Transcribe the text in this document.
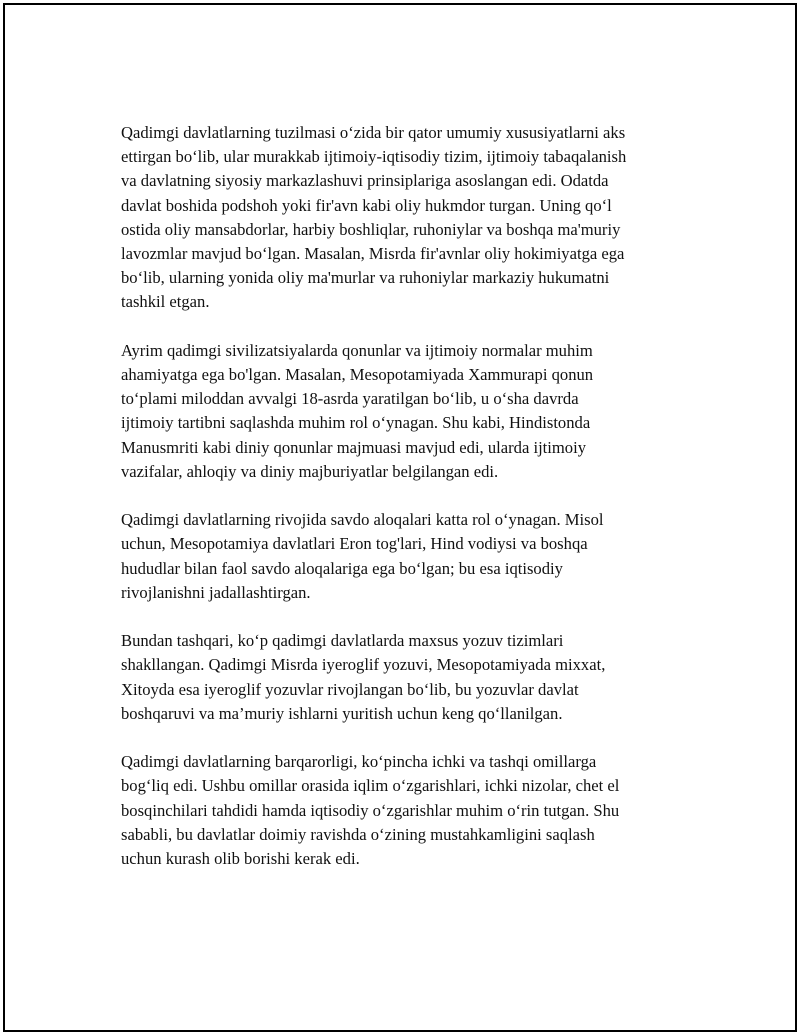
Qadimgi davlatlarning tuzilmasi o‘zida bir qator umumiy xususiyatlarni aks
ettirgan bo‘lib, ular murakkab ijtimoiy-iqtisodiy tizim, ijtimoiy tabaqalanish
va davlatning siyosiy markazlashuvi prinsiplariga asoslangan edi. Odatda
davlat boshida podshoh yoki fir'avn kabi oliy hukmdor turgan. Uning qo‘l
ostida oliy mansabdorlar, harbiy boshliqlar, ruhoniylar va boshqa ma'muriy
lavozmlar mavjud bo‘lgan. Masalan, Misrda fir'avnlar oliy hokimiyatga ega
bo‘lib, ularning yonida oliy ma'murlar va ruhoniylar markaziy hukumatni
tashkil etgan.

Ayrim qadimgi sivilizatsiyalarda qonunlar va ijtimoiy normalar muhim
ahamiyatga ega bo'lgan. Masalan, Mesopotamiyada Xammurapi qonun
to‘plami miloddan avvalgi 18-asrda yaratilgan bo‘lib, u o‘sha davrda
ijtimoiy tartibni saqlashda muhim rol o‘ynagan. Shu kabi, Hindistonda
Manusmriti kabi diniy qonunlar majmuasi mavjud edi, ularda ijtimoiy
vazifalar, ahloqiy va diniy majburiyatlar belgilangan edi.

Qadimgi davlatlarning rivojida savdo aloqalari katta rol o‘ynagan. Misol
uchun, Mesopotamiya davlatlari Eron tog'lari, Hind vodiysi va boshqa
hududlar bilan faol savdo aloqalariga ega bo‘lgan; bu esa iqtisodiy
rivojlanishni jadallashtirgan.

Bundan tashqari, ko‘p qadimgi davlatlarda maxsus yozuv tizimlari
shakllangan. Qadimgi Misrda iyeroglif yozuvi, Mesopotamiyada mixxat,
Xitoyda esa iyeroglif yozuvlar rivojlangan bo‘lib, bu yozuvlar davlat
boshqaruvi va ma’muriy ishlarni yuritish uchun keng qo‘llanilgan.

Qadimgi davlatlarning barqarorligi, ko‘pincha ichki va tashqi omillarga
bog‘liq edi. Ushbu omillar orasida iqlim o‘zgarishlari, ichki nizolar, chet el
bosqinchilari tahdidi hamda iqtisodiy o‘zgarishlar muhim o‘rin tutgan. Shu
sababli, bu davlatlar doimiy ravishda o‘zining mustahkamligini saqlash
uchun kurash olib borishi kerak edi.
